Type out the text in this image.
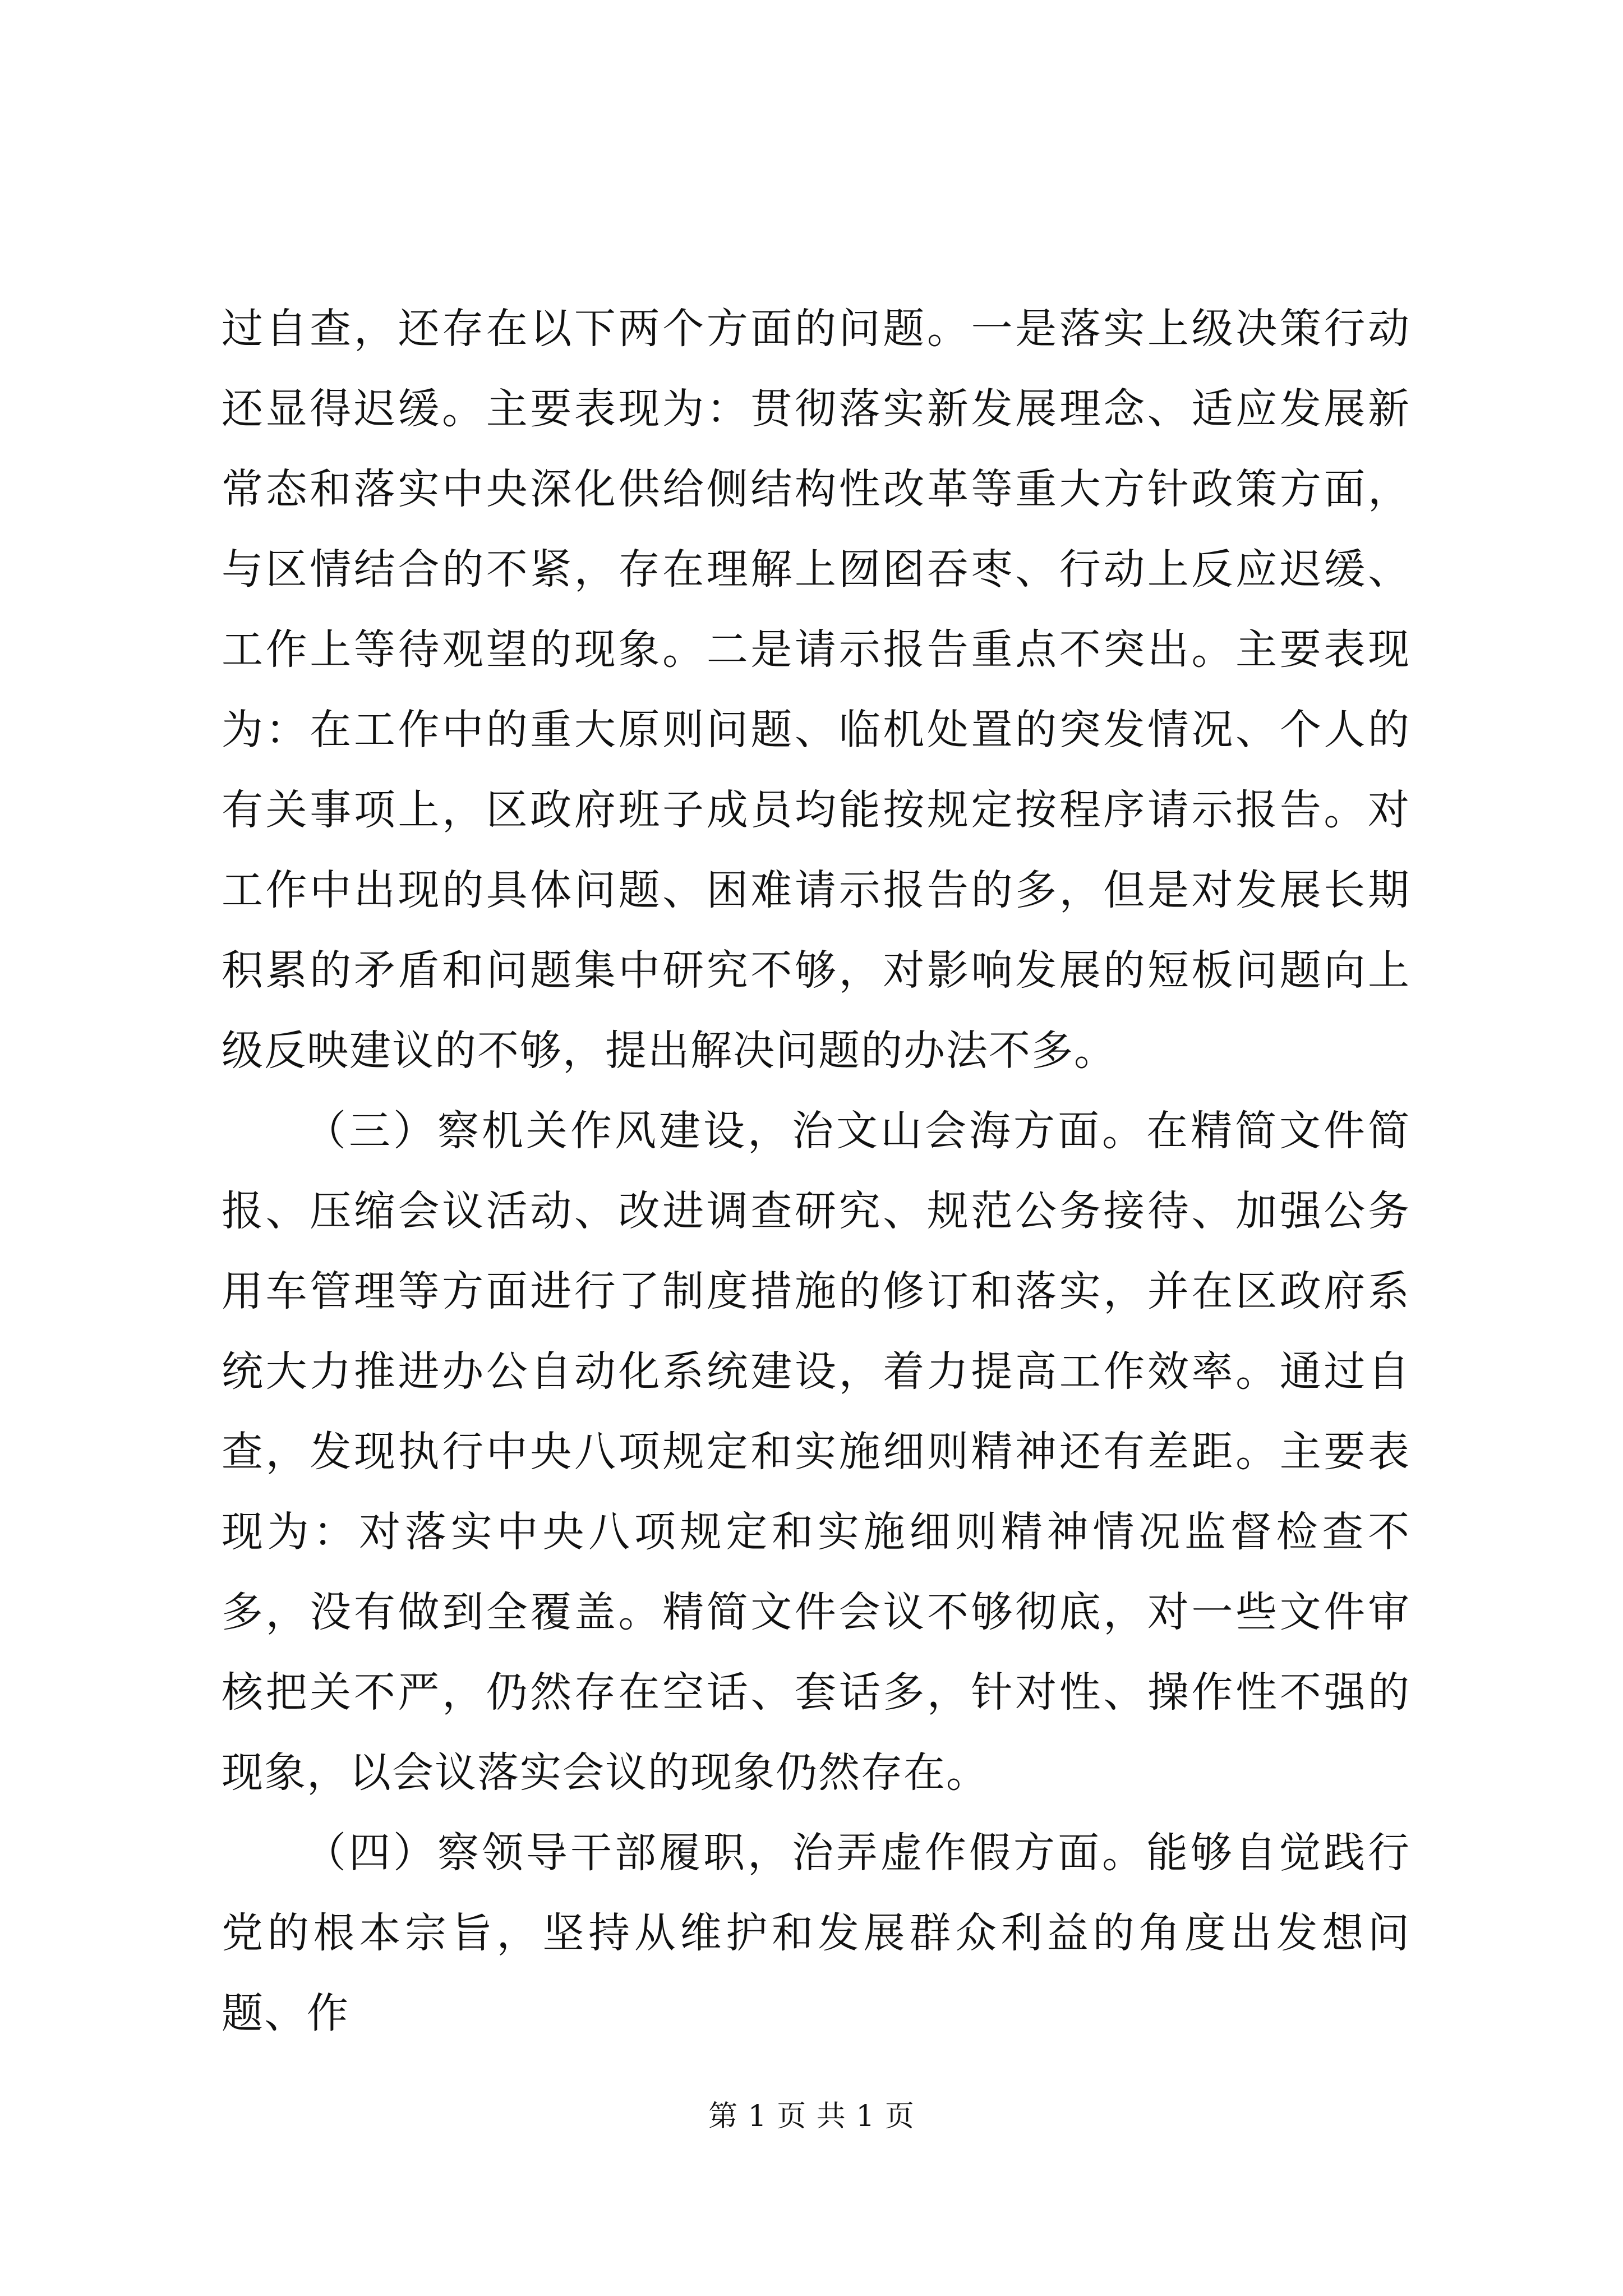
过自查，还存在以下两个方面的问题。一是落实上级决策行动还显得迟缓。主要表现为：贯彻落实新发展理念、适应发展新常态和落实中央深化供给侧结构性改革等重大方针政策方面，与区情结合的不紧，存在理解上囫囵吞枣、行动上反应迟缓、工作上等待观望的现象。二是请示报告重点不突出。主要表现为：在工作中的重大原则问题、临机处置的突发情况、个人的有关事项上，区政府班子成员均能按规定按程序请示报告。对工作中出现的具体问题、困难请示报告的多，但是对发展长期积累的矛盾和问题集中研究不够，对影响发展的短板问题向上级反映建议的不够，提出解决问题的办法不多。

（三）察机关作风建设，治文山会海方面。在精简文件简报、压缩会议活动、改进调查研究、规范公务接待、加强公务用车管理等方面进行了制度措施的修订和落实，并在区政府系统大力推进办公自动化系统建设，着力提高工作效率。通过自查，发现执行中央八项规定和实施细则精神还有差距。主要表现为：对落实中央八项规定和实施细则精神情况监督检查不多，没有做到全覆盖。精简文件会议不够彻底，对一些文件审核把关不严，仍然存在空话、套话多，针对性、操作性不强的现象，以会议落实会议的现象仍然存在。

（四）察领导干部履职，治弄虚作假方面。能够自觉践行党的根本宗旨，坚持从维护和发展群众利益的角度出发想问题、作

第 1 页 共 1 页
